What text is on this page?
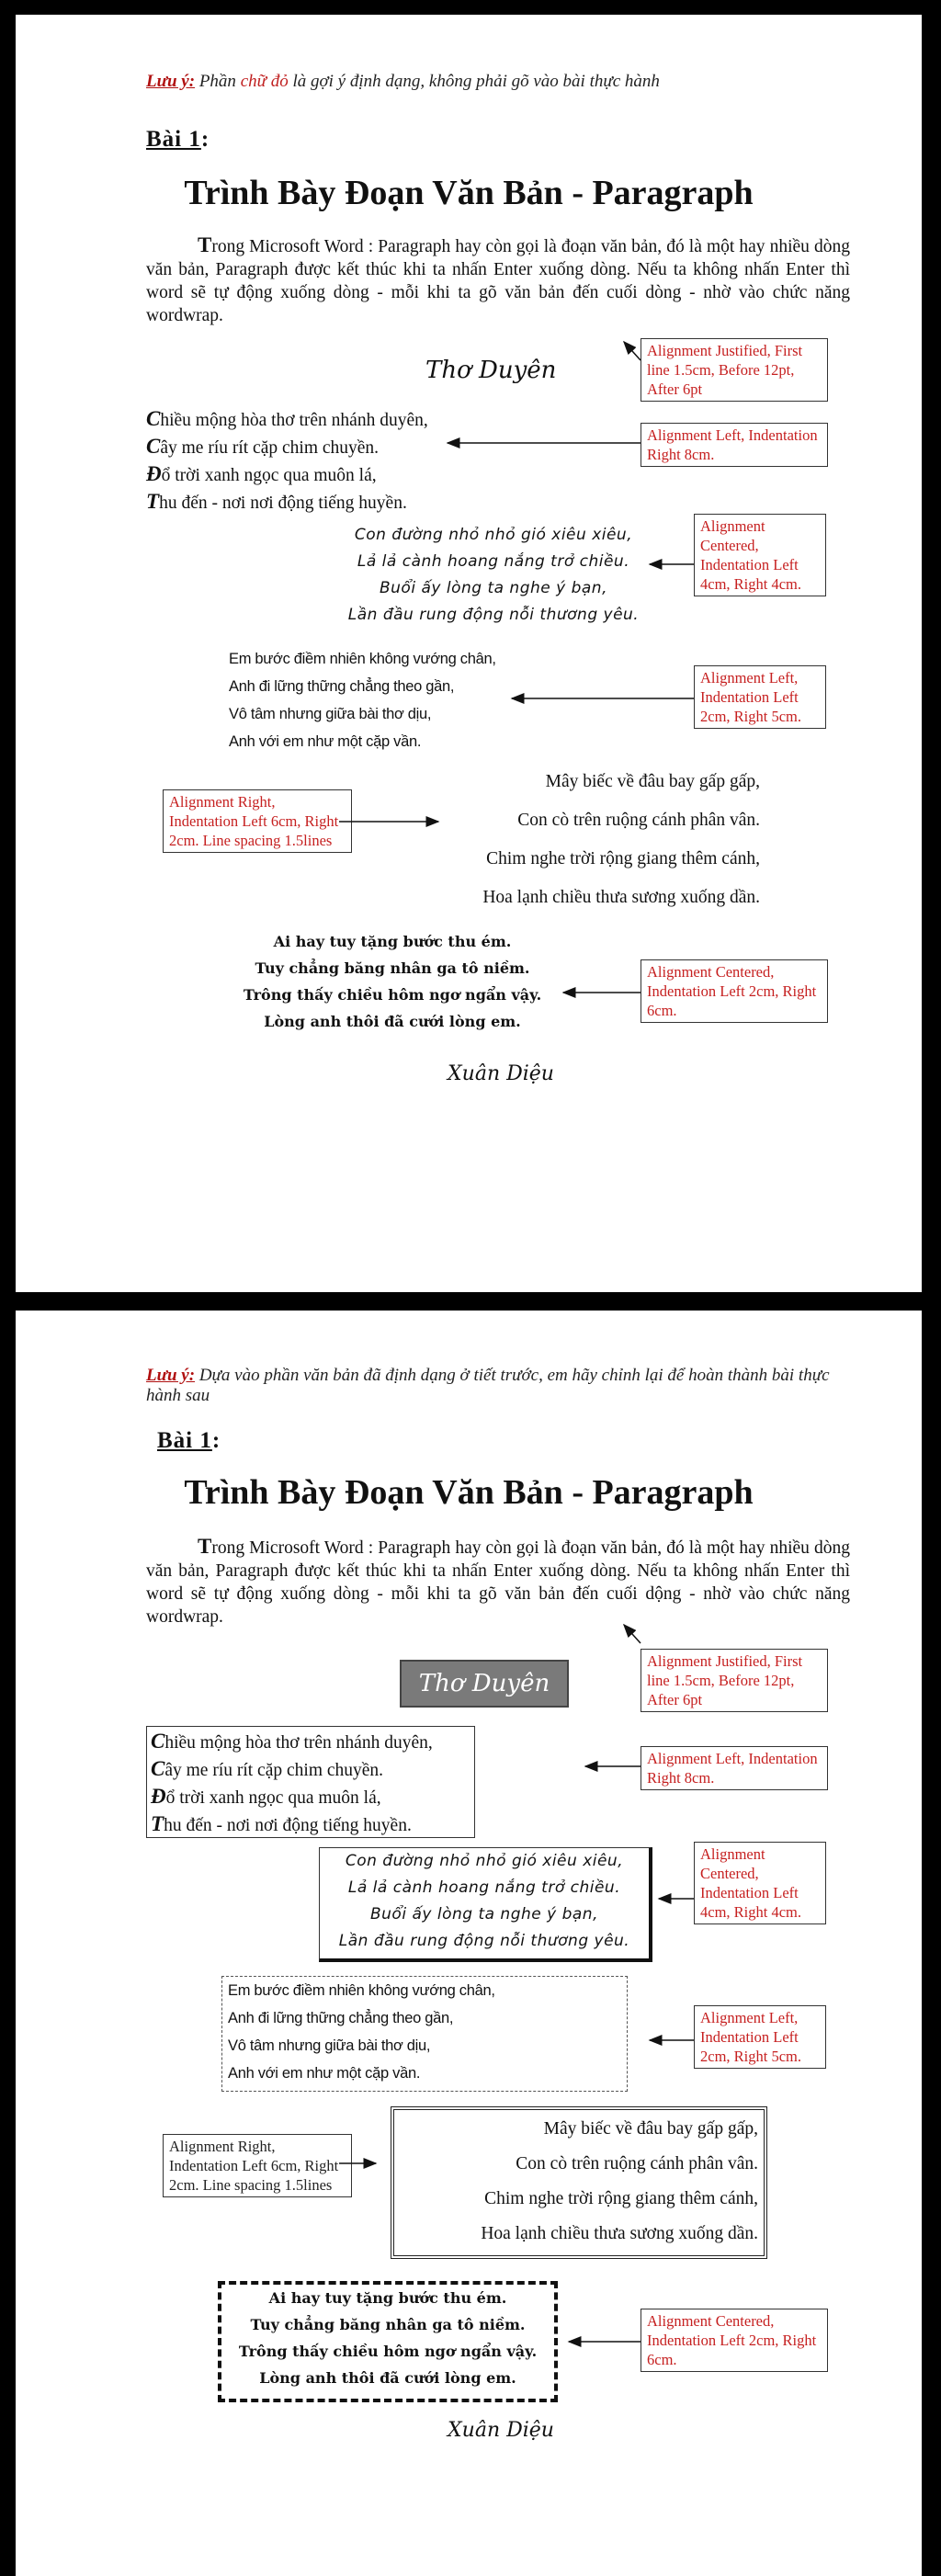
Lưu ý: Phần chữ đỏ là gợi ý định dạng, không phải gõ vào bài thực hành
Bài 1:
Trình Bày Đoạn Văn Bản - Paragraph
Trong Microsoft Word : Paragraph hay còn gọi là đoạn văn bản, đó là một hay nhiều dòng văn bản, Paragraph được kết thúc khi ta nhấn Enter xuống dòng. Nếu ta không nhấn Enter thì word sẽ tự động xuống dòng - mỗi khi ta gõ văn bản đến cuối dòng - nhờ vào chức năng wordwrap.
Thơ Duyên
Chiều mộng hòa thơ trên nhánh duyên,
Cây me ríu rít cặp chim chuyền.
Đổ trời xanh ngọc qua muôn lá,
Thu đến - nơi nơi động tiếng huyền.
Con đường nhỏ nhỏ gió xiêu xiêu,
Lả lả cành hoang nắng trở chiều.
Buổi ấy lòng ta nghe ý bạn,
Lần đầu rung động nỗi thương yêu.
Em bước điềm nhiên không vướng chân,
Anh đi lững thững chẳng theo gần,
Vô tâm nhưng giữa bài thơ dịu,
Anh với em như một cặp vần.
Mây biếc về đâu bay gấp gấp,
Con cò trên ruộng cánh phân vân.
Chim nghe trời rộng giang thêm cánh,
Hoa lạnh chiều thưa sương xuống dần.
Ai hay tuy tặng bước thu ém.
Tuy chẳng băng nhân ga tô niềm.
Trông thấy chiều hôm ngơ ngẩn vậy.
Lòng anh thôi đã cưới lòng em.
Xuân Diệu
Alignment Justified, First line 1.5cm, Before 12pt, After 6pt
Alignment Left, Indentation Right 8cm.
Alignment Centered, Indentation Left 4cm, Right 4cm.
Alignment Left, Indentation Left 2cm, Right 5cm.
Alignment Right, Indentation Left 6cm, Right 2cm. Line spacing 1.5lines
Alignment Centered, Indentation Left 2cm, Right 6cm.
Lưu ý: Dựa vào phần văn bản đã định dạng ở tiết trước, em hãy chỉnh lại để hoàn thành bài thực hành sau
Bài 1:
Trình Bày Đoạn Văn Bản - Paragraph
Trong Microsoft Word : Paragraph hay còn gọi là đoạn văn bản, đó là một hay nhiều dòng văn bản, Paragraph được kết thúc khi ta nhấn Enter xuống dòng. Nếu ta không nhấn Enter thì word sẽ tự động xuống dòng - mỗi khi ta gõ văn bản đến cuối dộng - nhờ vào chức năng wordwrap.
Thơ Duyên
Chiều mộng hòa thơ trên nhánh duyên,
Cây me ríu rít cặp chim chuyền.
Đổ trời xanh ngọc qua muôn lá,
Thu đến - nơi nơi động tiếng huyền.
Con đường nhỏ nhỏ gió xiêu xiêu,
Lả lả cành hoang nắng trở chiều.
Buổi ấy lòng ta nghe ý bạn,
Lần đầu rung động nỗi thương yêu.
Em bước điềm nhiên không vướng chân,
Anh đi lững thững chẳng theo gần,
Vô tâm nhưng giữa bài thơ dịu,
Anh với em như một cặp vần.
Mây biếc về đâu bay gấp gấp,
Con cò trên ruộng cánh phân vân.
Chim nghe trời rộng giang thêm cánh,
Hoa lạnh chiều thưa sương xuống dần.
Ai hay tuy tặng bước thu ém.
Tuy chẳng băng nhân ga tô niềm.
Trông thấy chiều hôm ngơ ngẩn vậy.
Lòng anh thôi đã cưới lòng em.
Xuân Diệu
Alignment Justified, First line 1.5cm, Before 12pt, After 6pt
Alignment Left, Indentation Right 8cm.
Alignment Centered, Indentation Left 4cm, Right 4cm.
Alignment Left, Indentation Left 2cm, Right 5cm.
Alignment Right, Indentation Left 6cm, Right 2cm. Line spacing 1.5lines
Alignment Centered, Indentation Left 2cm, Right 6cm.
